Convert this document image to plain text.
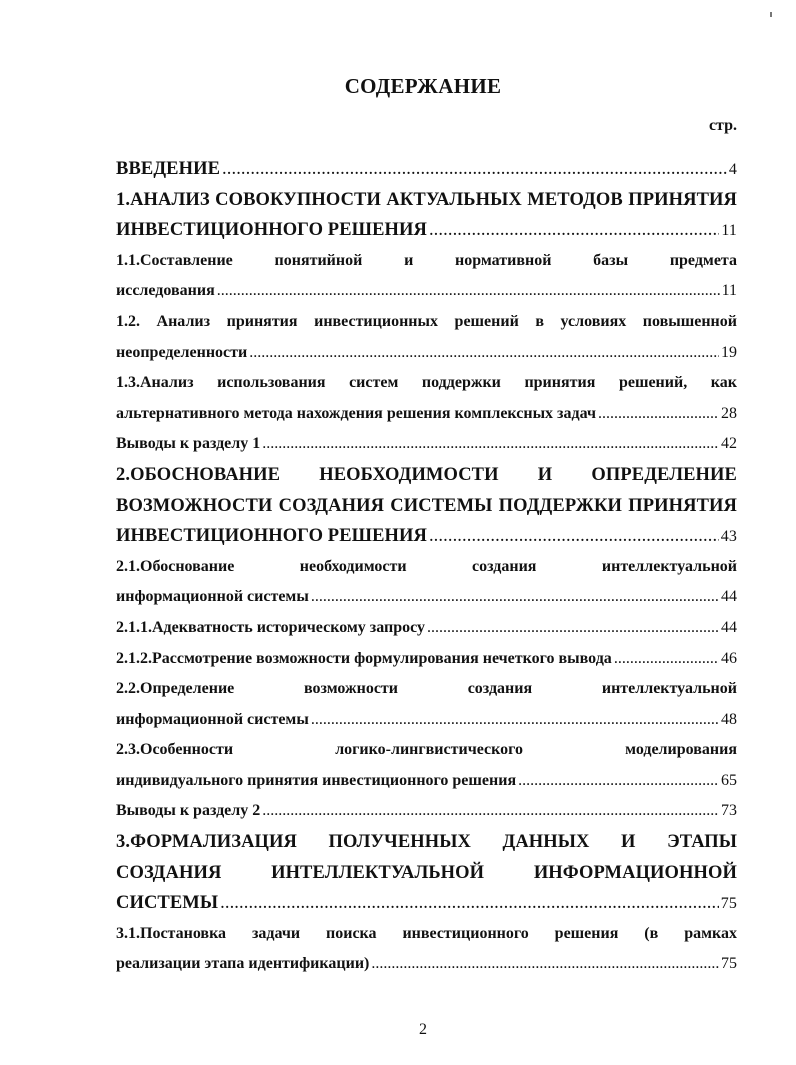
СОДЕРЖАНИЕ
стр.
ВВЕДЕНИЕ .....	4
1.АНАЛИЗ СОВОКУПНОСТИ АКТУАЛЬНЫХ МЕТОДОВ ПРИНЯТИЯ
ИНВЕСТИЦИОННОГО РЕШЕНИЯ .....	11
1.1.Составление	понятийной	и	нормативной	базы	предмета
исследования .....	11
1.2. Анализ принятия инвестиционных решений в условиях повышенной
неопределенности .....	19
1.3.Анализ использования систем поддержки принятия решений, как
альтернативного метода нахождения решения комплексных задач .....	28
Выводы к разделу 1 .....	42
2.ОБОСНОВАНИЕ НЕОБХОДИМОСТИ И ОПРЕДЕЛЕНИЕ
ВОЗМОЖНОСТИ СОЗДАНИЯ СИСТЕМЫ ПОДДЕРЖКИ ПРИНЯТИЯ
ИНВЕСТИЦИОННОГО РЕШЕНИЯ .....	43
2.1.Обоснование	необходимости	создания	интеллектуальной
информационной системы .....	44
2.1.1.Адекватность историческому запросу .....	44
2.1.2.Рассмотрение возможности формулирования нечеткого вывода .....	46
2.2.Определение	возможности	создания	интеллектуальной
информационной системы .....	48
2.3.Особенности	логико-лингвистического	моделирования
индивидуального принятия инвестиционного решения .....	65
Выводы к разделу 2 .....	73
3.ФОРМАЛИЗАЦИЯ ПОЛУЧЕННЫХ ДАННЫХ И ЭТАПЫ
СОЗДАНИЯ	ИНТЕЛЛЕКТУАЛЬНОЙ	ИНФОРМАЦИОННОЙ
СИСТЕМЫ .....	75
3.1.Постановка задачи поиска инвестиционного решения (в рамках
реализации этапа идентификации) .....	75
2
